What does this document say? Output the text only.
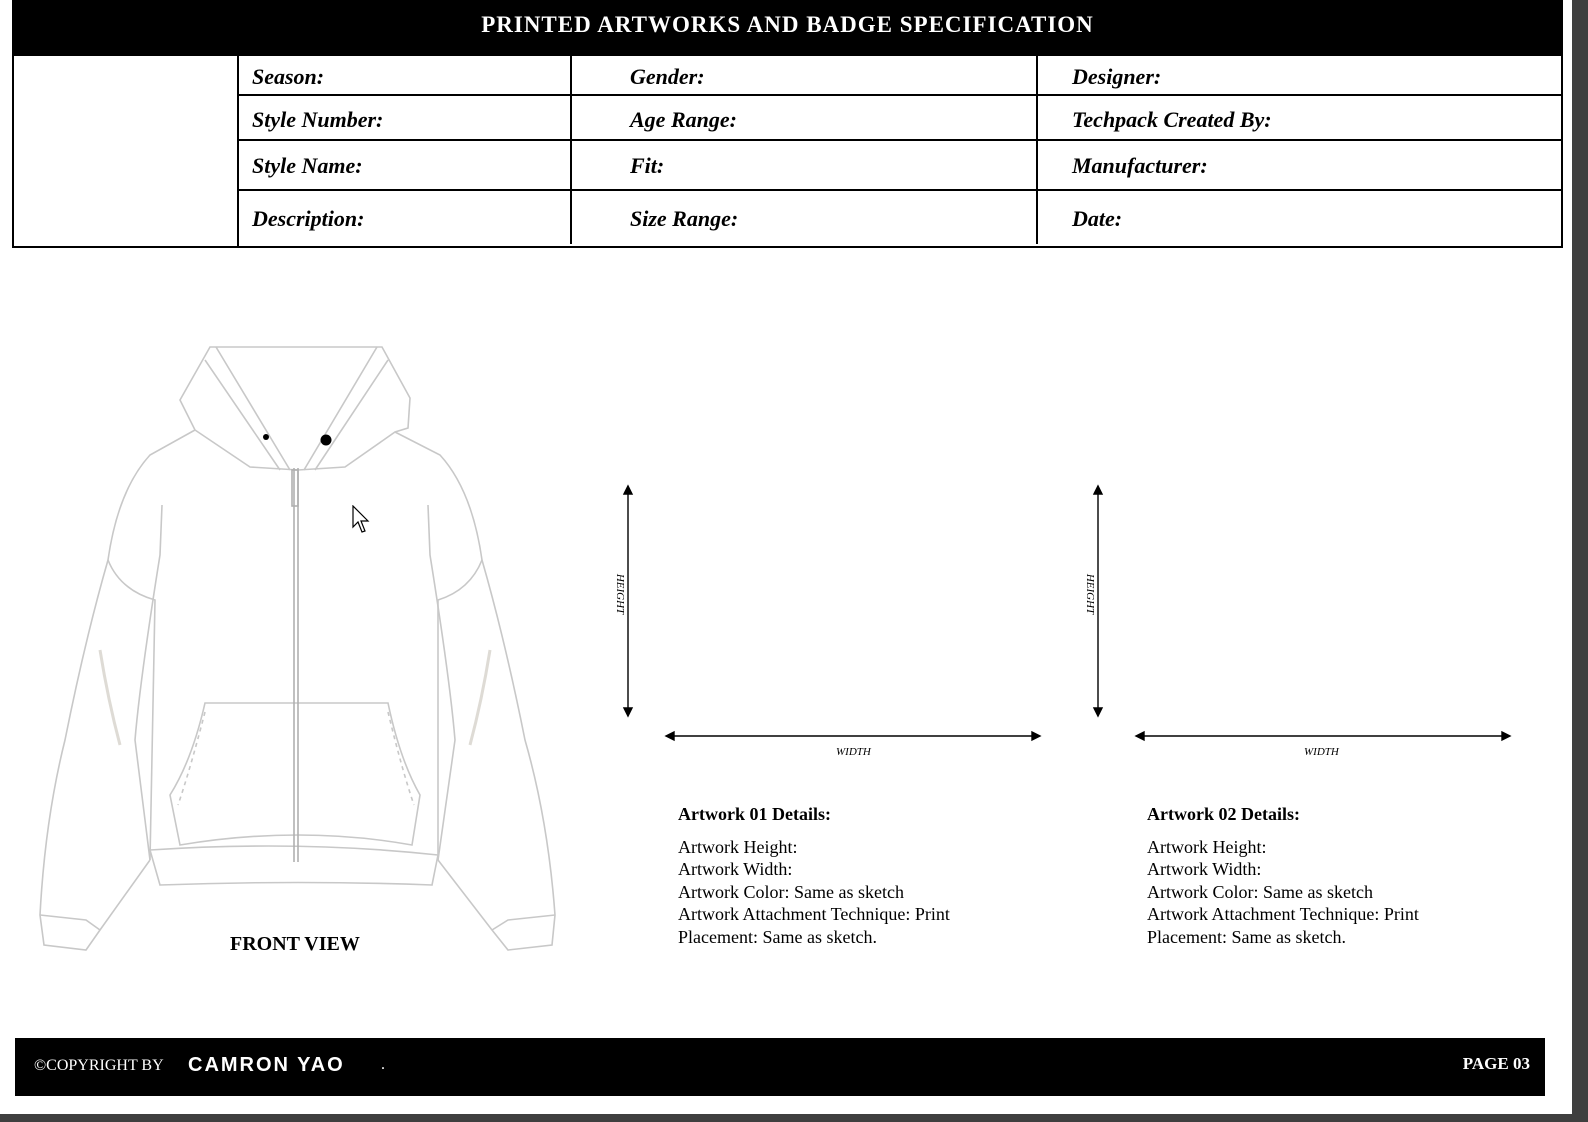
PRINTED ARTWORKS AND BADGE SPECIFICATION
Season:
Style Number:
Style Name:
Description:
Gender:
Age Range:
Fit:
Size Range:
Designer:
Techpack Created By:
Manufacturer:
Date:
FRONT VIEW
HEIGHT
WIDTH
HEIGHT
WIDTH
Artwork 01 Details:
Artwork Height:
Artwork Width:
Artwork Color: Same as sketch
Artwork Attachment Technique: Print
Placement: Same as sketch.
Artwork 02 Details:
Artwork Height:
Artwork Width:
Artwork Color: Same as sketch
Artwork Attachment Technique: Print
Placement: Same as sketch.
©COPYRIGHT BY CAMRON YAO .	PAGE 03
